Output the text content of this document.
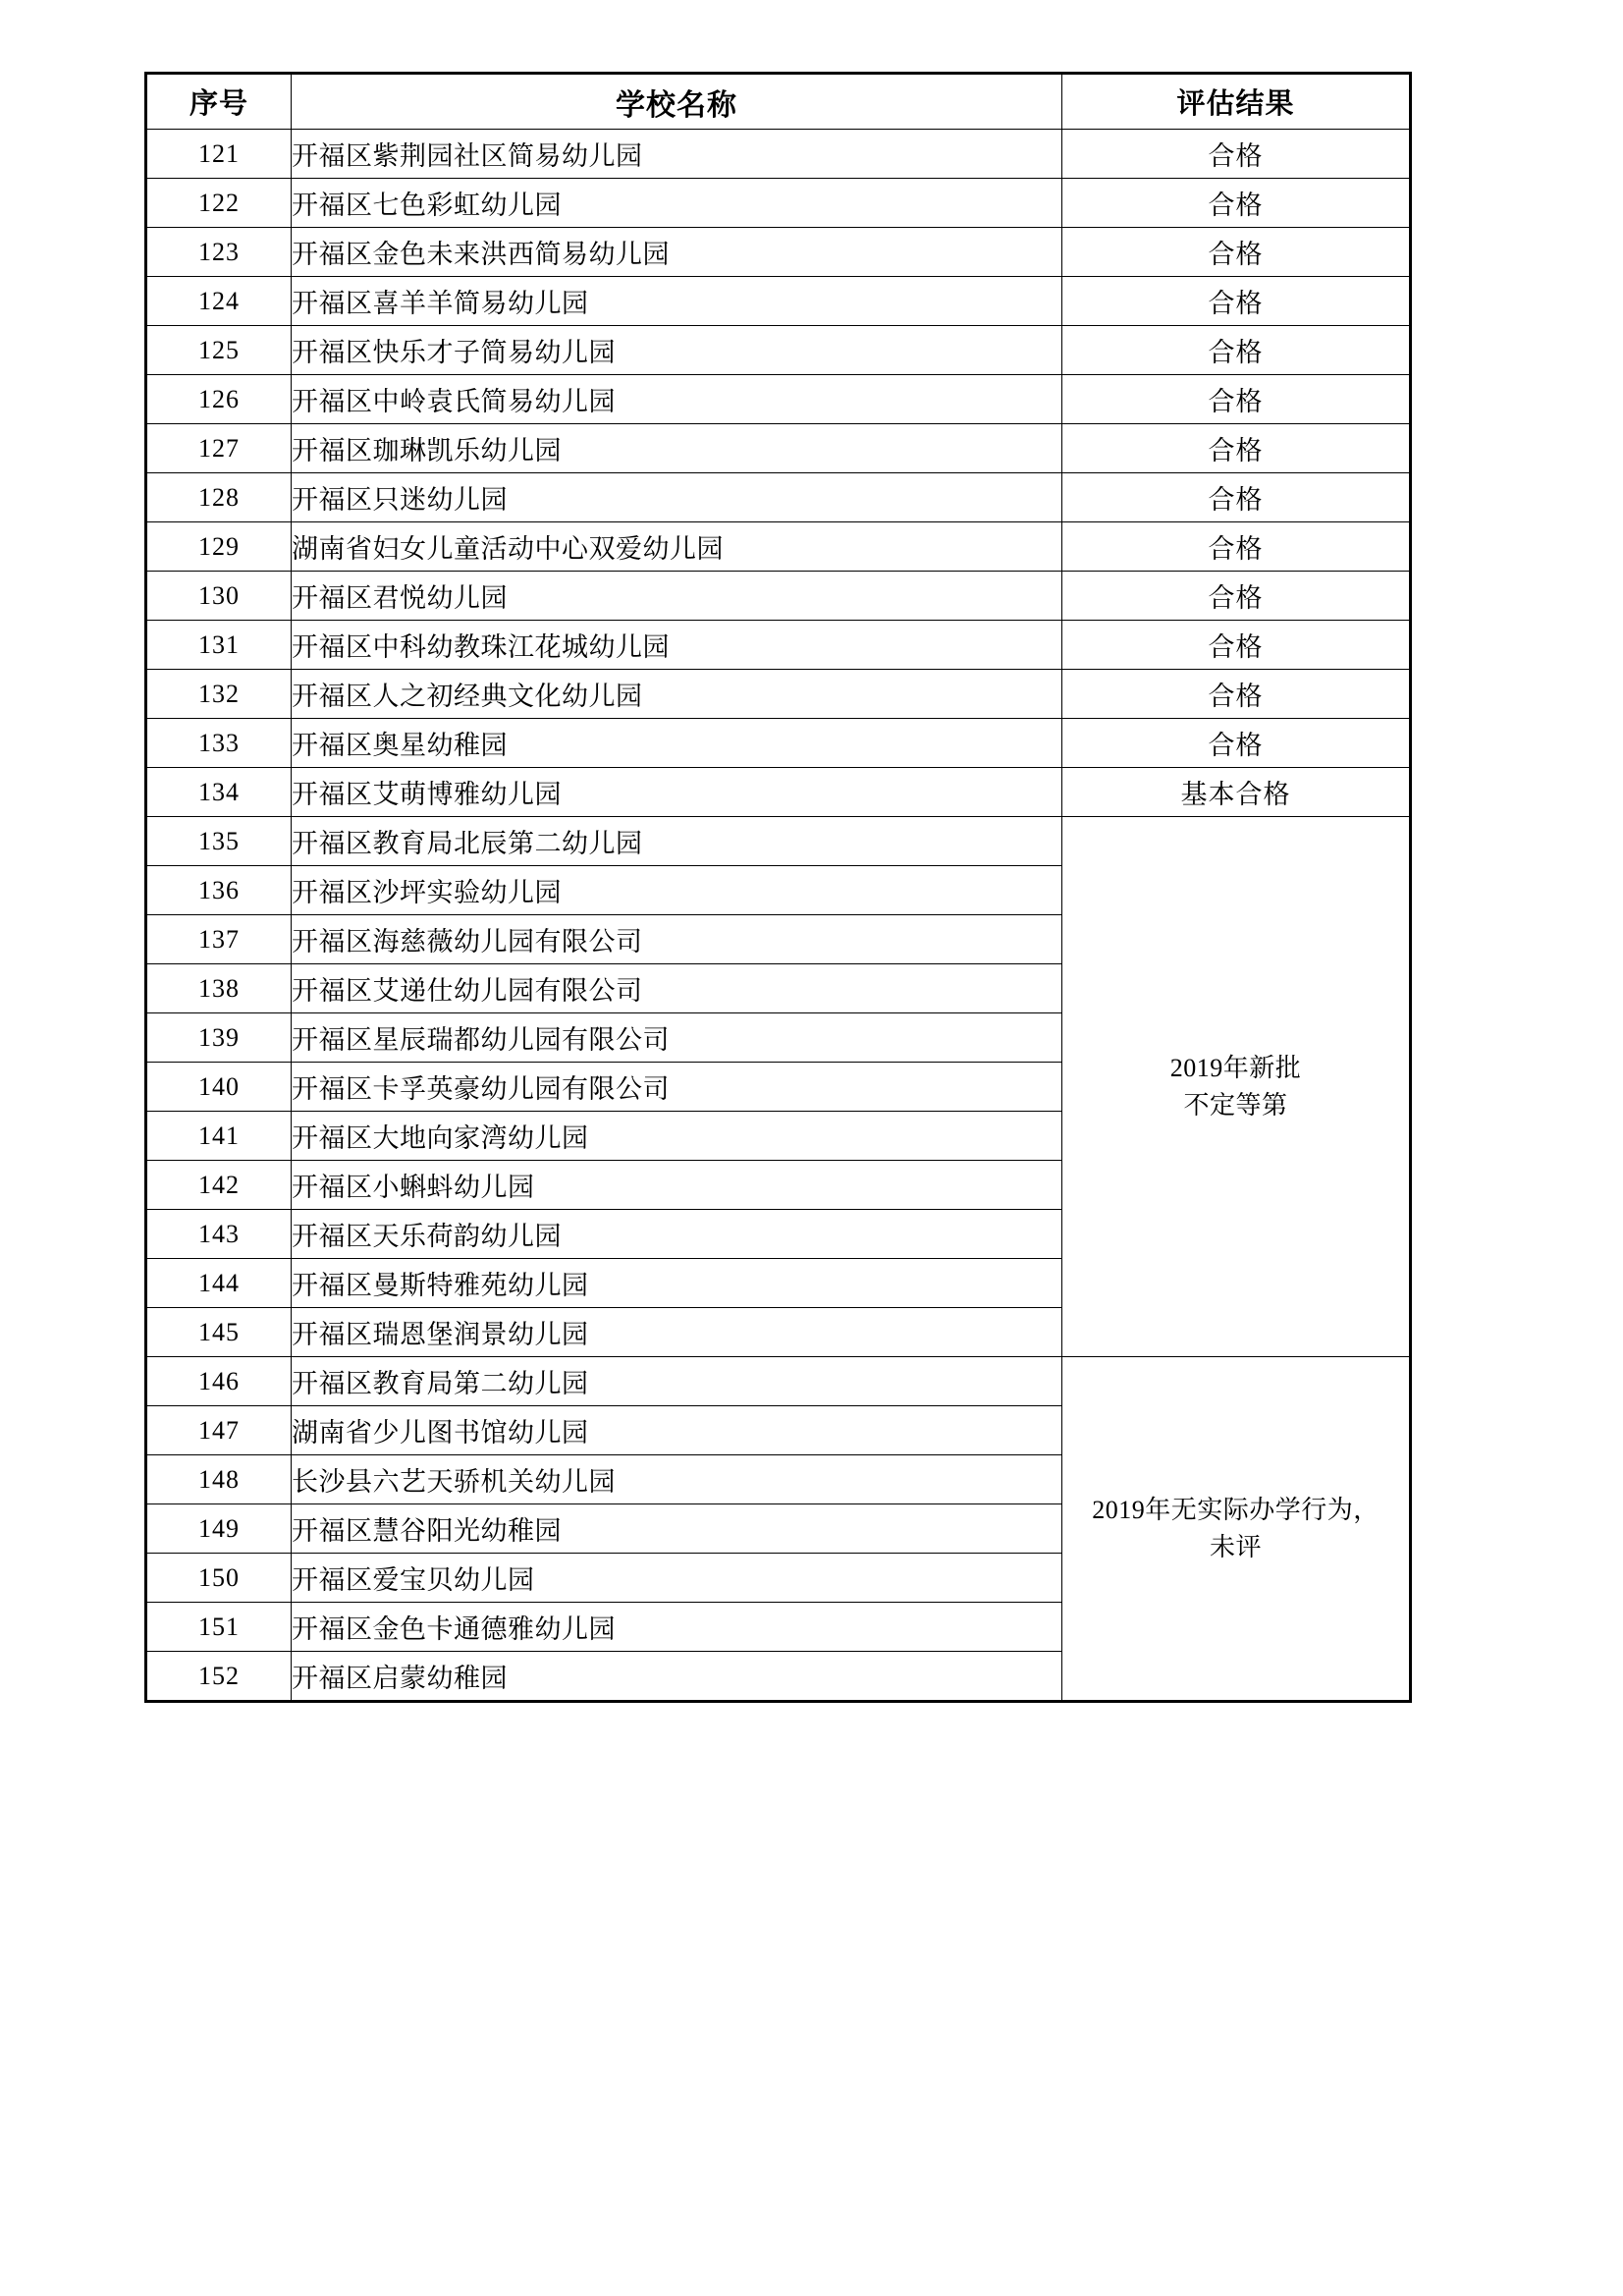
序号	学校名称	评估结果
121	开福区紫荆园社区简易幼儿园	合格
122	开福区七色彩虹幼儿园	合格
123	开福区金色未来洪西简易幼儿园	合格
124	开福区喜羊羊简易幼儿园	合格
125	开福区快乐才子简易幼儿园	合格
126	开福区中岭袁氏简易幼儿园	合格
127	开福区珈琳凯乐幼儿园	合格
128	开福区只迷幼儿园	合格
129	湖南省妇女儿童活动中心双爱幼儿园	合格
130	开福区君悦幼儿园	合格
131	开福区中科幼教珠江花城幼儿园	合格
132	开福区人之初经典文化幼儿园	合格
133	开福区奥星幼稚园	合格
134	开福区艾萌博雅幼儿园	基本合格
135	开福区教育局北辰第二幼儿园	2019年新批
不定等第

136	开福区沙坪实验幼儿园	
137	开福区海慈薇幼儿园有限公司	
138	开福区艾递仕幼儿园有限公司	
139	开福区星辰瑞都幼儿园有限公司	
140	开福区卡孚英豪幼儿园有限公司	
141	开福区大地向家湾幼儿园	
142	开福区小蝌蚪幼儿园	
143	开福区天乐荷韵幼儿园	
144	开福区曼斯特雅苑幼儿园	
145	开福区瑞恩堡润景幼儿园	
146	开福区教育局第二幼儿园	2019年无实际办学行为，未评

147	湖南省少儿图书馆幼儿园	
148	长沙县六艺天骄机关幼儿园	
149	开福区慧谷阳光幼稚园	
150	开福区爱宝贝幼儿园	
151	开福区金色卡通德雅幼儿园	
152	开福区启蒙幼稚园	
